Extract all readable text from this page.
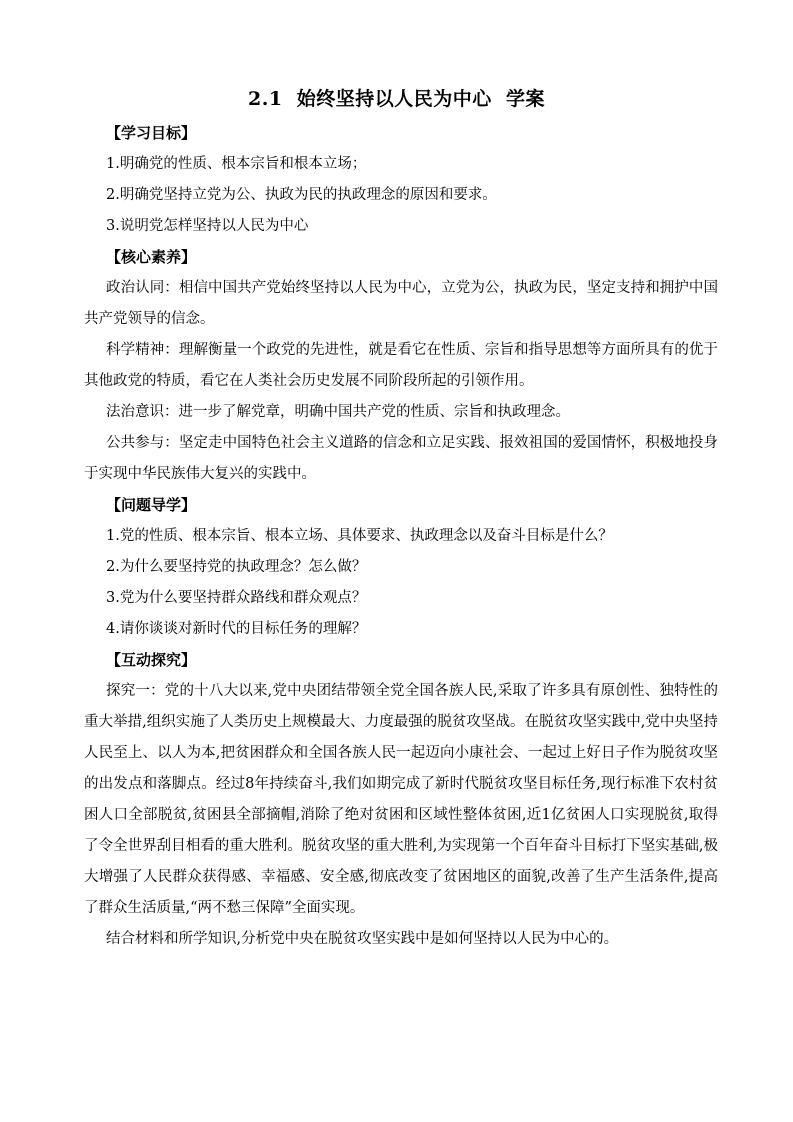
2.1  始终坚持以人民为中心  学案
【学习目标】
1.明确党的性质、根本宗旨和根本立场；
2.明确党坚持立党为公、执政为民的执政理念的原因和要求。
3.说明党怎样坚持以人民为中心
【核心素养】
政治认同：相信中国共产党始终坚持以人民为中心，立党为公，执政为民，坚定支持和拥护中国共产党领导的信念。
科学精神：理解衡量一个政党的先进性，就是看它在性质、宗旨和指导思想等方面所具有的优于其他政党的特质，看它在人类社会历史发展不同阶段所起的引领作用。
法治意识：进一步了解党章，明确中国共产党的性质、宗旨和执政理念。
公共参与：坚定走中国特色社会主义道路的信念和立足实践、报效祖国的爱国情怀，积极地投身于实现中华民族伟大复兴的实践中。
【问题导学】
1.党的性质、根本宗旨、根本立场、具体要求、执政理念以及奋斗目标是什么？
2.为什么要坚持党的执政理念？怎么做？
3.党为什么要坚持群众路线和群众观点？
4.请你谈谈对新时代的目标任务的理解？
【互动探究】
探究一：党的十八大以来,党中央团结带领全党全国各族人民,采取了许多具有原创性、独特性的重大举措,组织实施了人类历史上规模最大、力度最强的脱贫攻坚战。在脱贫攻坚实践中,党中央坚持人民至上、以人为本,把贫困群众和全国各族人民一起迈向小康社会、一起过上好日子作为脱贫攻坚的出发点和落脚点。经过8年持续奋斗,我们如期完成了新时代脱贫攻坚目标任务,现行标准下农村贫困人口全部脱贫,贫困县全部摘帽,消除了绝对贫困和区域性整体贫困,近1亿贫困人口实现脱贫,取得了令全世界刮目相看的重大胜利。脱贫攻坚的重大胜利,为实现第一个百年奋斗目标打下坚实基础,极大增强了人民群众获得感、幸福感、安全感,彻底改变了贫困地区的面貌,改善了生产生活条件,提高了群众生活质量,“两不愁三保障”全面实现。
结合材料和所学知识,分析党中央在脱贫攻坚实践中是如何坚持以人民为中心的。
